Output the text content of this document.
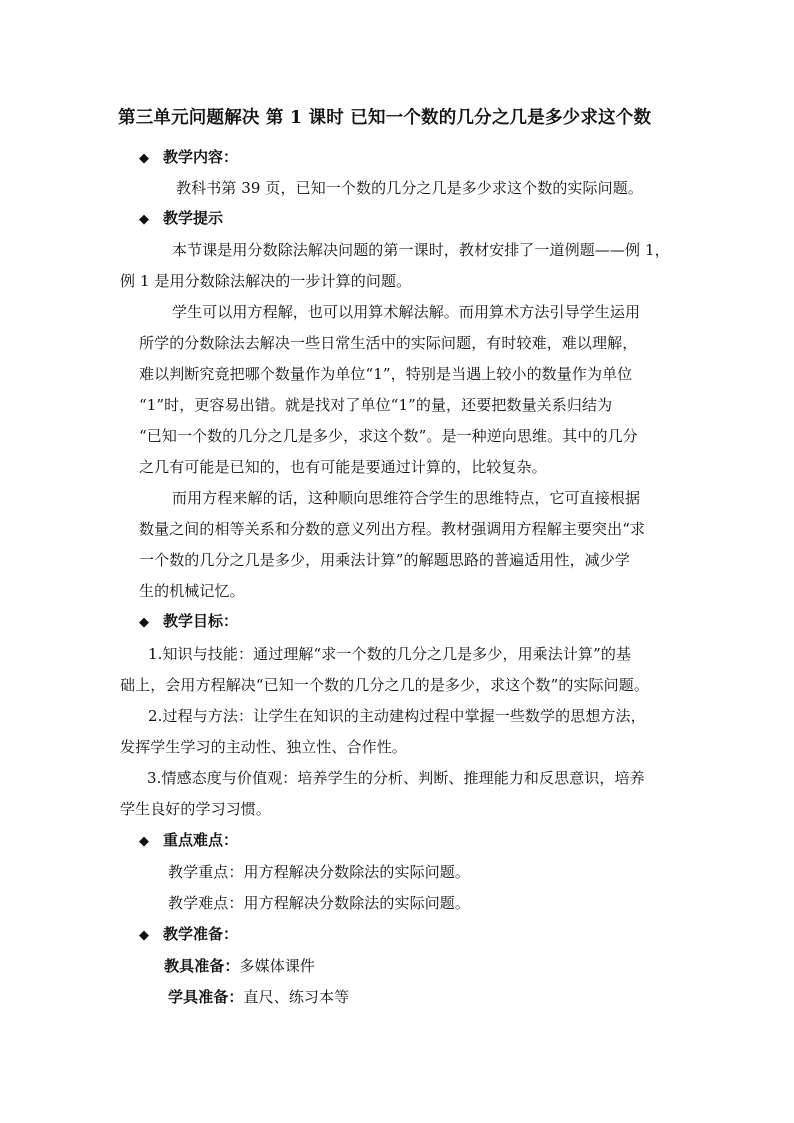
第三单元问题解决 第 1 课时 已知一个数的几分之几是多少求这个数
◆ 教学内容：
教科书第 39 页，已知一个数的几分之几是多少求这个数的实际问题。
◆ 教学提示
本节课是用分数除法解决问题的第一课时，教材安排了一道例题——例 1，
例 1 是用分数除法解决的一步计算的问题。
学生可以用方程解，也可以用算术解法解。而用算术方法引导学生运用
所学的分数除法去解决一些日常生活中的实际问题，有时较难，难以理解，
难以判断究竟把哪个数量作为单位“1”，特别是当遇上较小的数量作为单位
“1”时，更容易出错。就是找对了单位“1”的量，还要把数量关系归结为
“已知一个数的几分之几是多少，求这个数”。是一种逆向思维。其中的几分
之几有可能是已知的，也有可能是要通过计算的，比较复杂。
而用方程来解的话，这种顺向思维符合学生的思维特点，它可直接根据
数量之间的相等关系和分数的意义列出方程。教材强调用方程解主要突出“求
一个数的几分之几是多少，用乘法计算”的解题思路的普遍适用性，减少学
生的机械记忆。
◆ 教学目标：
1.知识与技能：通过理解“求一个数的几分之几是多少，用乘法计算”的基
础上，会用方程解决“已知一个数的几分之几的是多少，求这个数”的实际问题。
2.过程与方法：让学生在知识的主动建构过程中掌握一些数学的思想方法，
发挥学生学习的主动性、独立性、合作性。
3.情感态度与价值观：培养学生的分析、判断、推理能力和反思意识，培养
学生良好的学习习惯。
◆ 重点难点：
教学重点：用方程解决分数除法的实际问题。
教学难点：用方程解决分数除法的实际问题。
◆ 教学准备：
教具准备：多媒体课件
学具准备：直尺、练习本等
